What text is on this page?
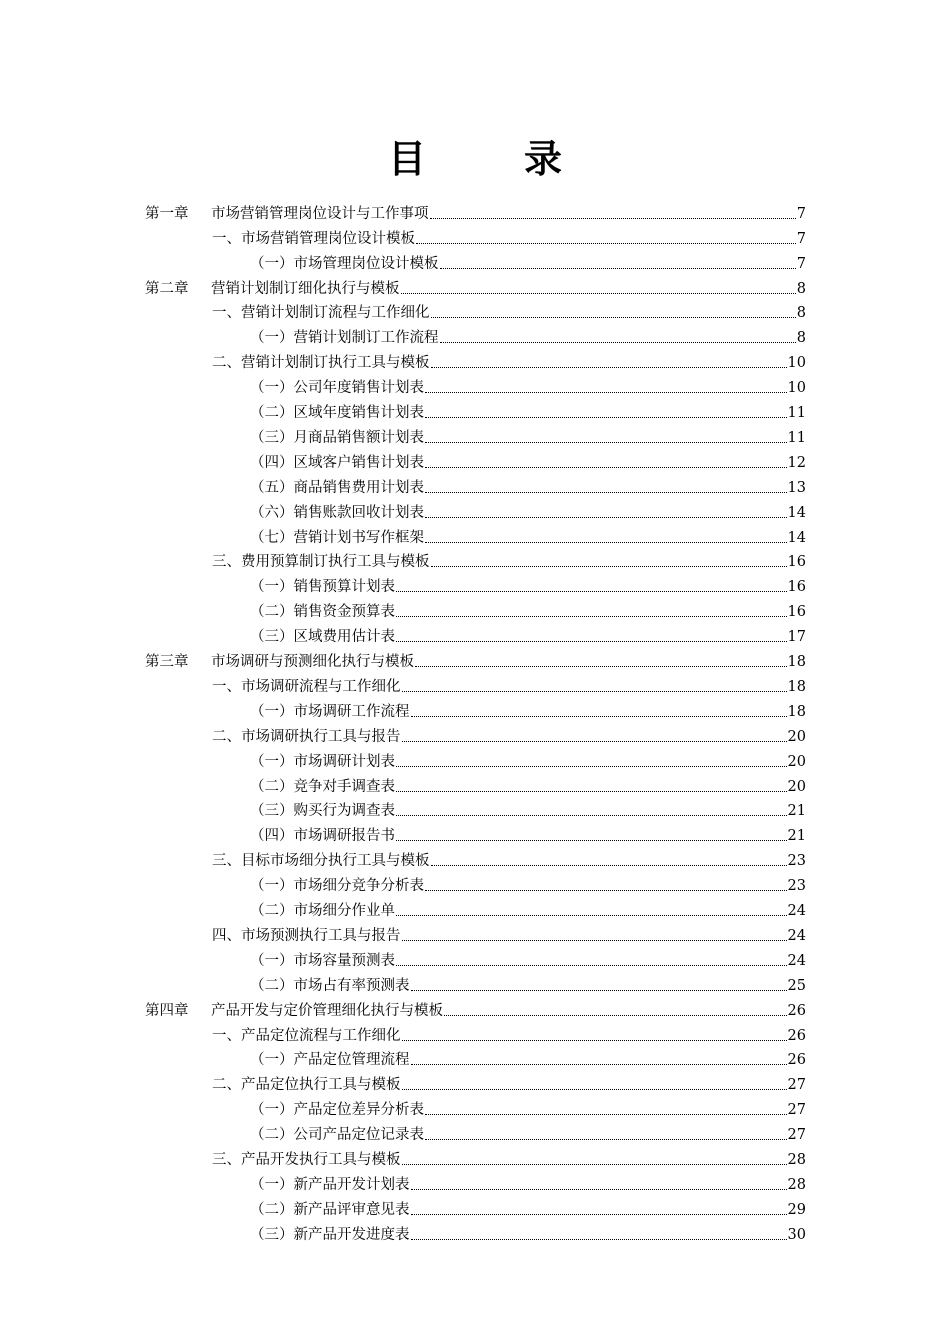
目　录
第一章 市场营销管理岗位设计与工作事项	7
一、市场营销管理岗位设计模板	7
（一）市场管理岗位设计模板	7
第二章 营销计划制订细化执行与模板	8
一、营销计划制订流程与工作细化	8
（一）营销计划制订工作流程	8
二、营销计划制订执行工具与模板	10
（一）公司年度销售计划表	10
（二）区域年度销售计划表	11
（三）月商品销售额计划表	11
（四）区域客户销售计划表	12
（五）商品销售费用计划表	13
（六）销售账款回收计划表	14
（七）营销计划书写作框架	14
三、费用预算制订执行工具与模板	16
（一）销售预算计划表	16
（二）销售资金预算表	16
（三）区域费用估计表	17
第三章 市场调研与预测细化执行与模板	18
一、市场调研流程与工作细化	18
（一）市场调研工作流程	18
二、市场调研执行工具与报告	20
（一）市场调研计划表	20
（二）竞争对手调查表	20
（三）购买行为调查表	21
（四）市场调研报告书	21
三、目标市场细分执行工具与模板	23
（一）市场细分竞争分析表	23
（二）市场细分作业单	24
四、市场预测执行工具与报告	24
（一）市场容量预测表	24
（二）市场占有率预测表	25
第四章 产品开发与定价管理细化执行与模板	26
一、产品定位流程与工作细化	26
（一）产品定位管理流程	26
二、产品定位执行工具与模板	27
（一）产品定位差异分析表	27
（二）公司产品定位记录表	27
三、产品开发执行工具与模板	28
（一）新产品开发计划表	28
（二）新产品评审意见表	29
（三）新产品开发进度表	30
